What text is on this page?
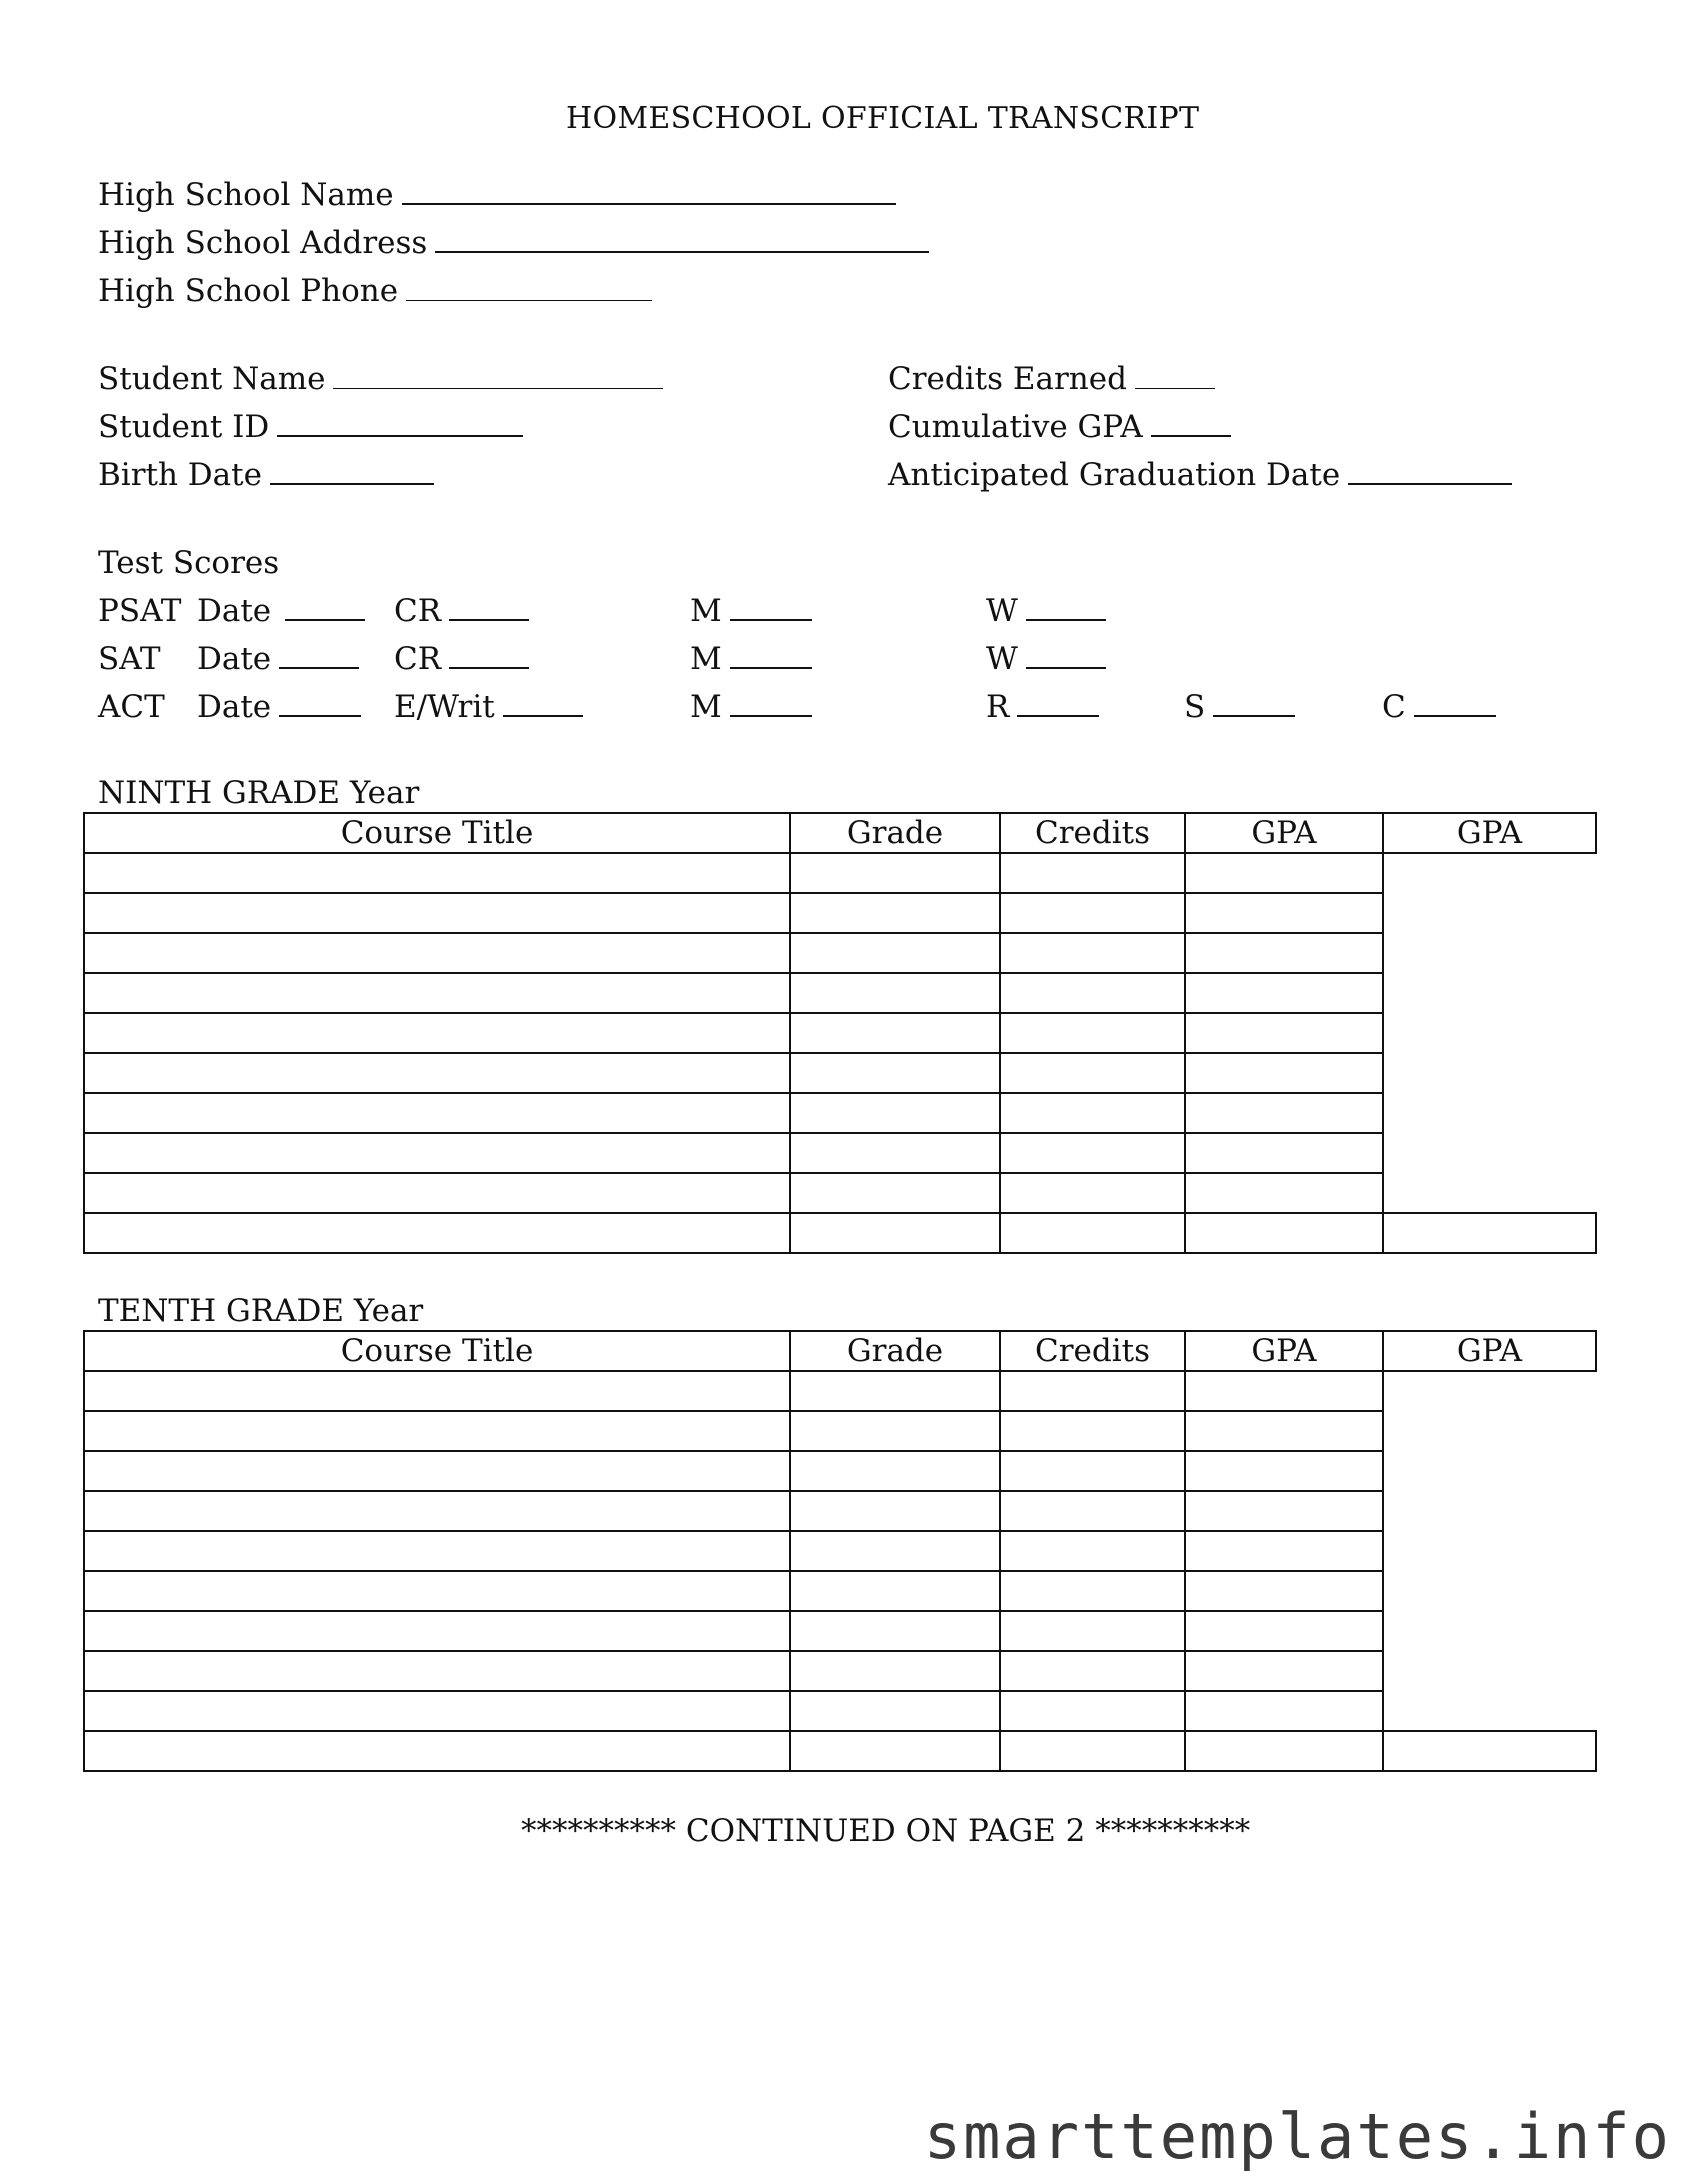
HOMESCHOOL OFFICIAL TRANSCRIPT
High School Name
High School Address
High School Phone
Student Name
Student ID
Birth Date
Credits Earned
Cumulative GPA
Anticipated Graduation Date
Test Scores
PSAT Date	CR	M	W
SAT Date	CR	M	W
ACT Date	E/Writ	M	R	S	C
NINTH GRADE Year
Course Title	Grade	Credits	GPA	GPA

TENTH GRADE Year
Course Title	Grade	Credits	GPA	GPA

********** CONTINUED ON PAGE 2 **********
smarttemplates.info
